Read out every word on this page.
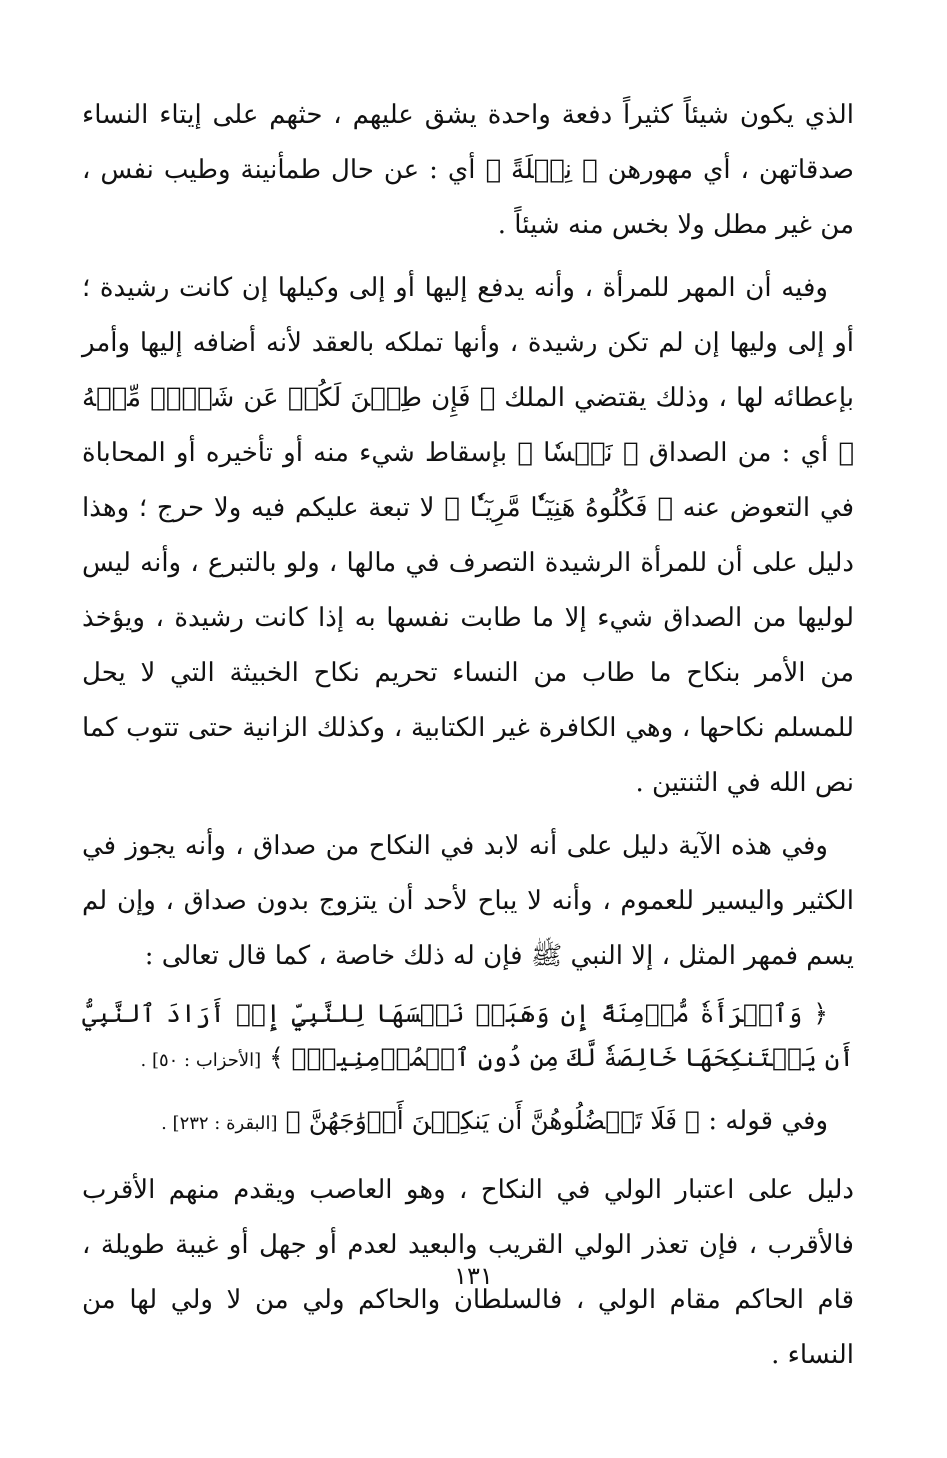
الذي يكون شيئاً كثيراً دفعة واحدة يشق عليهم ، حثهم على إيتاء النساء صدقاتهن ، أي مهورهن ﴿ نِحۡلَةً ﴾ أي : عن حال طمأنينة وطيب نفس ، من غير مطل ولا بخس منه شيئاً .

وفيه أن المهر للمرأة ، وأنه يدفع إليها أو إلى وكيلها إن كانت رشيدة ؛ أو إلى وليها إن لم تكن رشيدة ، وأنها تملكه بالعقد لأنه أضافه إليها وأمر بإعطائه لها ، وذلك يقتضي الملك ﴿ فَإِن طِبۡنَ لَكُمۡ عَن شَيۡءٖ مِّنۡهُ ﴾ أي : من الصداق ﴿ نَفۡسٗا ﴾ بإسقاط شيء منه أو تأخيره أو المحاباة في التعوض عنه ﴿ فَكُلُوهُ هَنِيٓـٔٗا مَّرِيٓـٔٗا ﴾ لا تبعة عليكم فيه ولا حرج ؛ وهذا دليل على أن للمرأة الرشيدة التصرف في مالها ، ولو بالتبرع ، وأنه ليس لوليها من الصداق شيء إلا ما طابت نفسها به إذا كانت رشيدة ، ويؤخذ من الأمر بنكاح ما طاب من النساء تحريم نكاح الخبيثة التي لا يحل للمسلم نكاحها ، وهي الكافرة غير الكتابية ، وكذلك الزانية حتى تتوب كما نص الله في الثنتين .

وفي هذه الآية دليل على أنه لابد في النكاح من صداق ، وأنه يجوز في الكثير واليسير للعموم ، وأنه لا يباح لأحد أن يتزوج بدون صداق ، وإن لم يسم فمهر المثل ، إلا النبي ﷺ فإن له ذلك خاصة ، كما قال تعالى :

﴿ وَٱمۡرَأَةٗ مُّؤۡمِنَةً إِن وَهَبَتۡ نَفۡسَهَا لِلنَّبِيِّ إِنۡ أَرَادَ ٱلنَّبِيُّ أَن يَسۡتَنكِحَهَا خَالِصَةٗ لَّكَ مِن دُونِ ٱلۡمُؤۡمِنِينَۗ ﴾ [الأحزاب : ٥٠] .

وفي قوله : ﴿ فَلَا تَعۡضُلُوهُنَّ أَن يَنكِحۡنَ أَزۡوَٰجَهُنَّ ﴾ [البقرة : ٢٣٢] .

دليل على اعتبار الولي في النكاح ، وهو العاصب ويقدم منهم الأقرب فالأقرب ، فإن تعذر الولي القريب والبعيد لعدم أو جهل أو غيبة طويلة ، قام الحاكم مقام الولي ، فالسلطان والحاكم ولي من لا ولي لها من النساء .

١٣١
